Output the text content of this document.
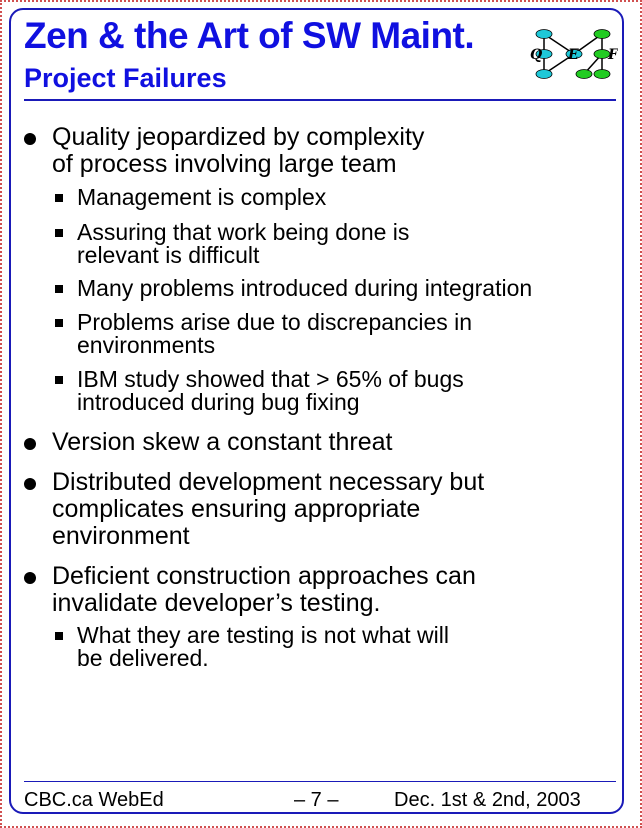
Zen & the Art of SW Maint.
Project Failures
Q E F
Quality jeopardized by complexity
of process involving large team
Management is complex
Assuring that work being done is
relevant is difficult
Many problems introduced during integration
Problems arise due to discrepancies in
environments
IBM study showed that > 65% of bugs
introduced during bug fixing
Version skew a constant threat
Distributed development necessary but
complicates ensuring appropriate
environment
Deficient construction approaches can
invalidate developer’s testing.
What they are testing is not what will
be delivered.
CBC.ca WebEd	– 7 –	Dec. 1st & 2nd, 2003
